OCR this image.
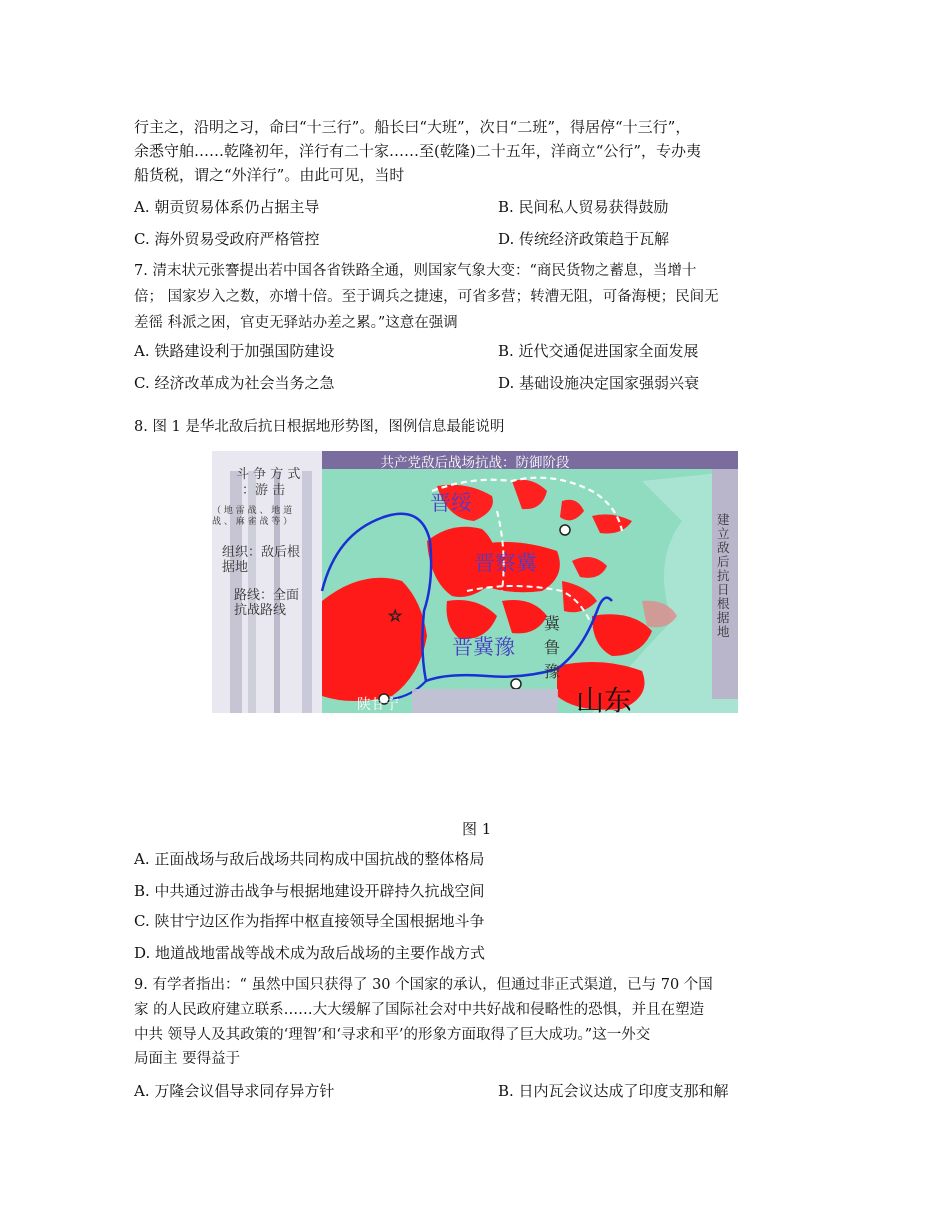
行主之，沿明之习，命曰“十三行”。船长曰“大班”，次日“二班”，得居停“十三行”，
余悉守舶……乾隆初年，洋行有二十家……至(乾隆)二十五年，洋商立“公行”，专办夷
船货税，谓之“外洋行”。由此可见，当时
A. 朝贡贸易体系仍占据主导	B. 民间私人贸易获得鼓励
C. 海外贸易受政府严格管控	D. 传统经济政策趋于瓦解
7. 清末状元张謇提出若中国各省铁路全通，则国家气象大变：“商民货物之蓄息，当增十
倍； 国家岁入之数，亦增十倍。至于调兵之捷速，可省多营；转漕无阻，可备海梗；民间无
差徭 科派之困，官吏无驿站办差之累。”这意在强调
A. 铁路建设利于加强国防建设	B. 近代交通促进国家全面发展
C. 经济改革成为社会当务之急	D. 基础设施决定国家强弱兴衰
8. 图 1 是华北敌后抗日根据地形势图，图例信息最能说明
☆
共产党敌后战场抗战：防御阶段
斗 争 方 式
：游 击
（ 地 雷 战 、 地 道
战 、 麻 雀 战 等 ）
组织：敌后根
据地
路线：全面
抗战路线
建
立
敌
后
抗
日
根
据
地
晋绥
晋察冀
晋冀豫
冀
鲁
豫
陕甘宁	山东
图 1
A. 正面战场与敌后战场共同构成中国抗战的整体格局
B. 中共通过游击战争与根据地建设开辟持久抗战空间
C. 陕甘宁边区作为指挥中枢直接领导全国根据地斗争
D. 地道战地雷战等战术成为敌后战场的主要作战方式
9. 有学者指出：“ 虽然中国只获得了 30 个国家的承认，但通过非正式渠道，已与 70 个国
家 的人民政府建立联系……大大缓解了国际社会对中共好战和侵略性的恐惧，并且在塑造
中共 领导人及其政策的‘理智’和‘寻求和平’的形象方面取得了巨大成功。”这一外交
局面主 要得益于
A. 万隆会议倡导求同存异方针	B. 日内瓦会议达成了印度支那和解
